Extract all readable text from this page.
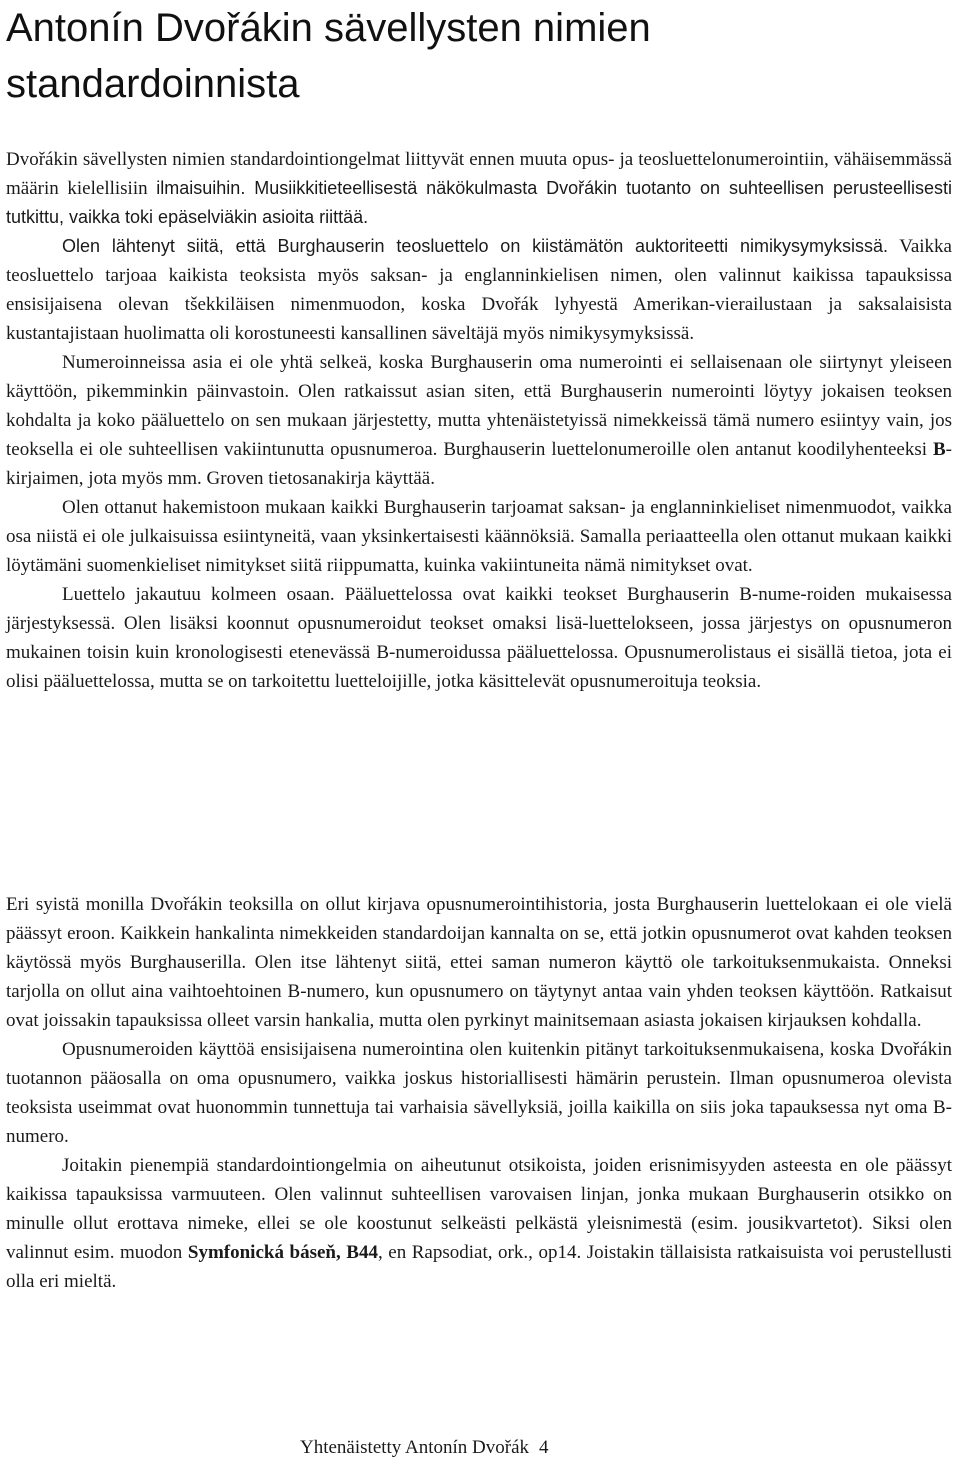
Antonín Dvořákin sävellysten nimien standardoinnista

Dvořákin sävellysten nimien standardointiongelmat liittyvät ennen muuta opus- ja teosluettelonumerointiin, vähäisemmässä määrin kielellisiin ilmaisuihin. Musiikkitieteellisestä näkökulmasta Dvořákin tuotanto on suhteellisen perusteellisesti tutkittu, vaikka toki epäselviäkin asioita riittää.

Olen lähtenyt siitä, että Burghauserin teosluettelo on kiistämätön auktoriteetti nimikysymyksissä. Vaikka teosluettelo tarjoaa kaikista teoksista myös saksan- ja englanninkielisen nimen, olen valinnut kaikissa tapauksissa ensisijaisena olevan tšekkiläisen nimenmuodon, koska Dvořák lyhyestä Amerikan-vierailustaan ja saksalaisista kustantajistaan huolimatta oli korostuneesti kansallinen säveltäjä myös nimikysymyksissä.

Numeroinneissa asia ei ole yhtä selkeä, koska Burghauserin oma numerointi ei sellaisenaan ole siirtynyt yleiseen käyttöön, pikemminkin päinvastoin. Olen ratkaissut asian siten, että Burghauserin numerointi löytyy jokaisen teoksen kohdalta ja koko pääluettelo on sen mukaan järjestetty, mutta yhtenäistetyissä nimekkeissä tämä numero esiintyy vain, jos teoksella ei ole suhteellisen vakiintunutta opusnumeroa. Burghauserin luettelonumeroille olen antanut koodilyhenteeksi B-kirjaimen, jota myös mm. Groven tietosanakirja käyttää.

Olen ottanut hakemistoon mukaan kaikki Burghauserin tarjoamat saksan- ja englanninkieliset nimenmuodot, vaikka osa niistä ei ole julkaisuissa esiintyneitä, vaan yksinkertaisesti käännöksiä. Samalla periaatteella olen ottanut mukaan kaikki löytämäni suomenkieliset nimitykset siitä riippumatta, kuinka vakiintuneita nämä nimitykset ovat.

Luettelo jakautuu kolmeen osaan. Pääluettelossa ovat kaikki teokset Burghauserin B-nume-roiden mukaisessa järjestyksessä. Olen lisäksi koonnut opusnumeroidut teokset omaksi lisä-luettelokseen, jossa järjestys on opusnumeron mukainen toisin kuin kronologisesti etenevässä B-numeroidussa pääluettelossa. Opusnumerolistaus ei sisällä tietoa, jota ei olisi pääluettelossa, mutta se on tarkoitettu luetteloijille, jotka käsittelevät opusnumeroituja teoksia.

Eri syistä monilla Dvořákin teoksilla on ollut kirjava opusnumerointihistoria, josta Burghauserin luettelokaan ei ole vielä päässyt eroon. Kaikkein hankalinta nimekkeiden standardoijan kannalta on se, että jotkin opusnumerot ovat kahden teoksen käytössä myös Burghauserilla. Olen itse lähtenyt siitä, ettei saman numeron käyttö ole tarkoituksenmukaista. Onneksi tarjolla on ollut aina vaihtoehtoinen B-numero, kun opusnumero on täytynyt antaa vain yhden teoksen käyttöön. Ratkaisut ovat joissakin tapauksissa olleet varsin hankalia, mutta olen pyrkinyt mainitsemaan asiasta jokaisen kirjauksen kohdalla.

Opusnumeroiden käyttöä ensisijaisena numerointina olen kuitenkin pitänyt tarkoituksenmukaisena, koska Dvořákin tuotannon pääosalla on oma opusnumero, vaikka joskus historiallisesti hämärin perustein. Ilman opusnumeroa olevista teoksista useimmat ovat huonommin tunnettuja tai varhaisia sävellyksiä, joilla kaikilla on siis joka tapauksessa nyt oma B-numero.

Joitakin pienempiä standardointiongelmia on aiheutunut otsikoista, joiden erisnimisyyden asteesta en ole päässyt kaikissa tapauksissa varmuuteen. Olen valinnut suhteellisen varovaisen linjan, jonka mukaan Burghauserin otsikko on minulle ollut erottava nimeke, ellei se ole koostunut selkeästi pelkästä yleisnimestä (esim. jousikvartetot). Siksi olen valinnut esim. muodon Symfonická báseň, B44, en Rapsodiat, ork., op14. Joistakin tällaisista ratkaisuista voi perustellusti olla eri mieltä.

Yhtenäistetty Antonín Dvořák 4
